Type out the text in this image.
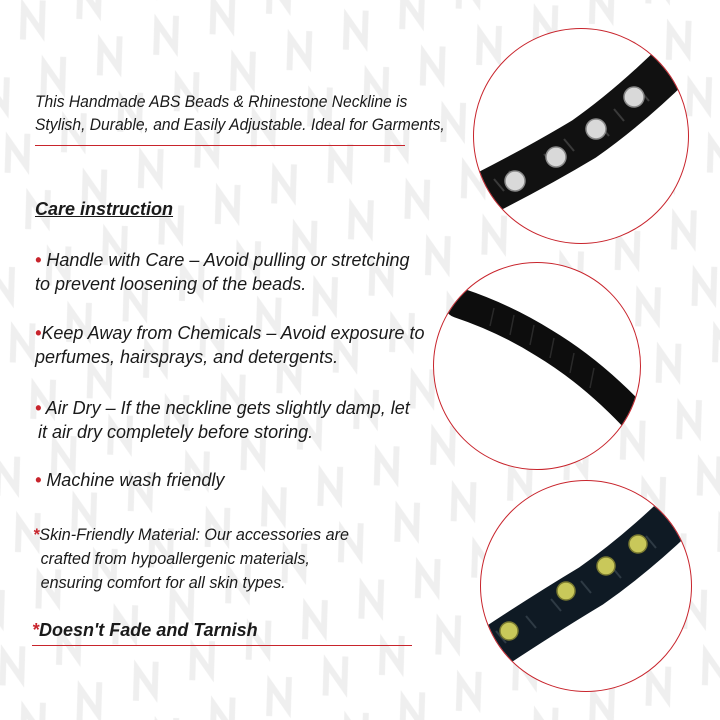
This Handmade ABS Beads & Rhinestone Neckline is
Stylish, Durable, and Easily Adjustable. Ideal for Garments,
Care instruction
• Handle with Care – Avoid pulling or stretching
to prevent loosening of the beads.
•Keep Away from Chemicals – Avoid exposure to
perfumes, hairsprays, and detergents.
• Air Dry – If the neckline gets slightly damp, let
it air dry completely before storing.
• Machine wash friendly
*Skin-Friendly Material: Our accessories are
crafted from hypoallergenic materials,
ensuring comfort for all skin types.
*Doesn't Fade and Tarnish
